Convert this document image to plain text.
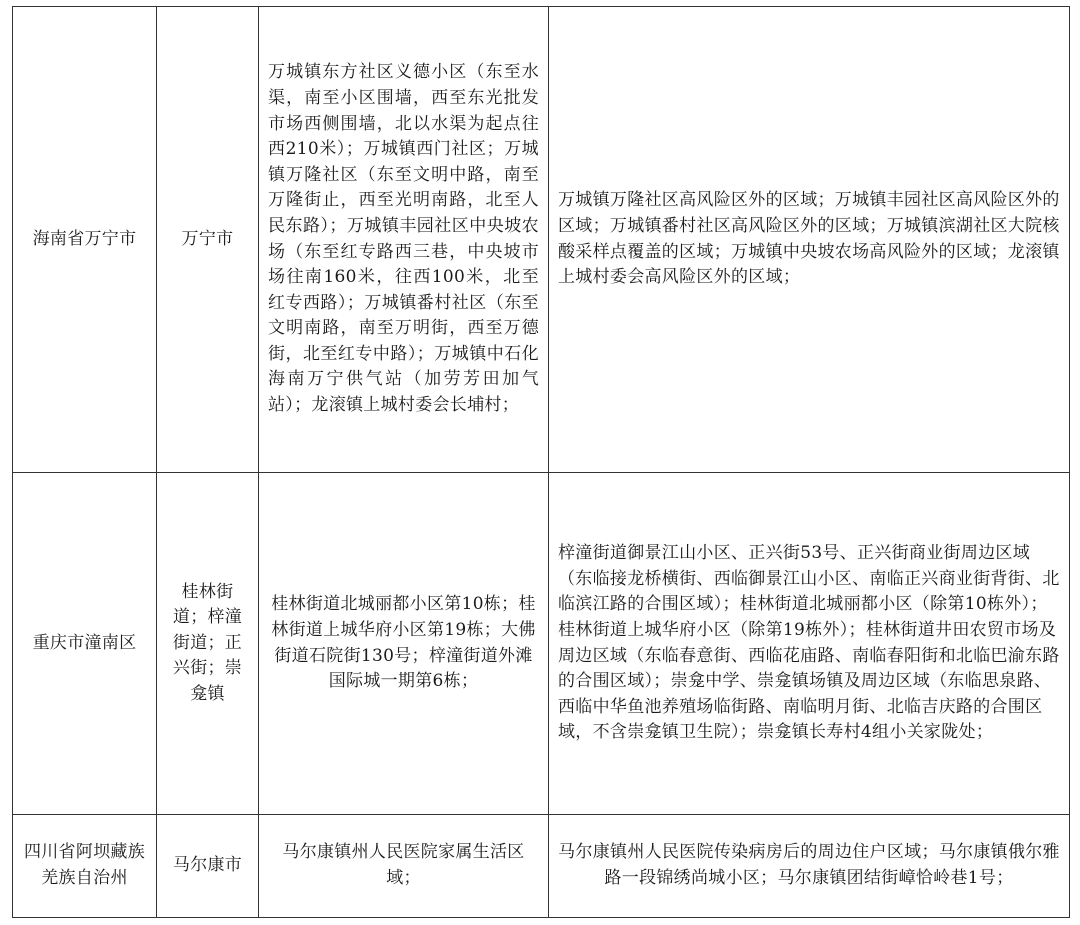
海南省万宁市	万宁市	万城镇东方社区义德小区（东至水渠，南至小区围墙，西至东光批发市场西侧围墙，北以水渠为起点往西210米）；万城镇西门社区；万城镇万隆社区（东至文明中路，南至万隆街止，西至光明南路，北至人民东路）；万城镇丰园社区中央坡农场（东至红专路西三巷，中央坡市场往南160米，往西100米，北至红专西路）；万城镇番村社区（东至文明南路，南至万明街，西至万德街，北至红专中路）；万城镇中石化海南万宁供气站（加劳芳田加气站）；龙滚镇上城村委会长埔村；	万城镇万隆社区高风险区外的区域；万城镇丰园社区高风险区外的区域；万城镇番村社区高风险区外的区域；万城镇滨湖社区大院核酸采样点覆盖的区域；万城镇中央坡农场高风险外的区域；龙滚镇上城村委会高风险区外的区域；

重庆市潼南区	桂林街道；梓潼街道；正兴街；崇龛镇	桂林街道北城丽都小区第10栋；桂林街道上城华府小区第19栋；大佛街道石院街130号；梓潼街道外滩国际城一期第6栋；	梓潼街道御景江山小区、正兴街53号、正兴街商业街周边区域（东临接龙桥横街、西临御景江山小区、南临正兴商业街背街、北临滨江路的合围区域）；桂林街道北城丽都小区（除第10栋外）；桂林街道上城华府小区（除第19栋外）；桂林街道井田农贸市场及周边区域（东临春意街、西临花庙路、南临春阳街和北临巴渝东路的合围区域）；崇龛中学、崇龛镇场镇及周边区域（东临思泉路、西临中华鱼池养殖场临街路、南临明月街、北临吉庆路的合围区域，不含崇龛镇卫生院）；崇龛镇长寿村4组小关家陇处；

四川省阿坝藏族羌族自治州	马尔康市	马尔康镇州人民医院家属生活区域；	马尔康镇州人民医院传染病房后的周边住户区域；马尔康镇俄尔雅路一段锦绣尚城小区；马尔康镇团结街嶂恰岭巷1号；
